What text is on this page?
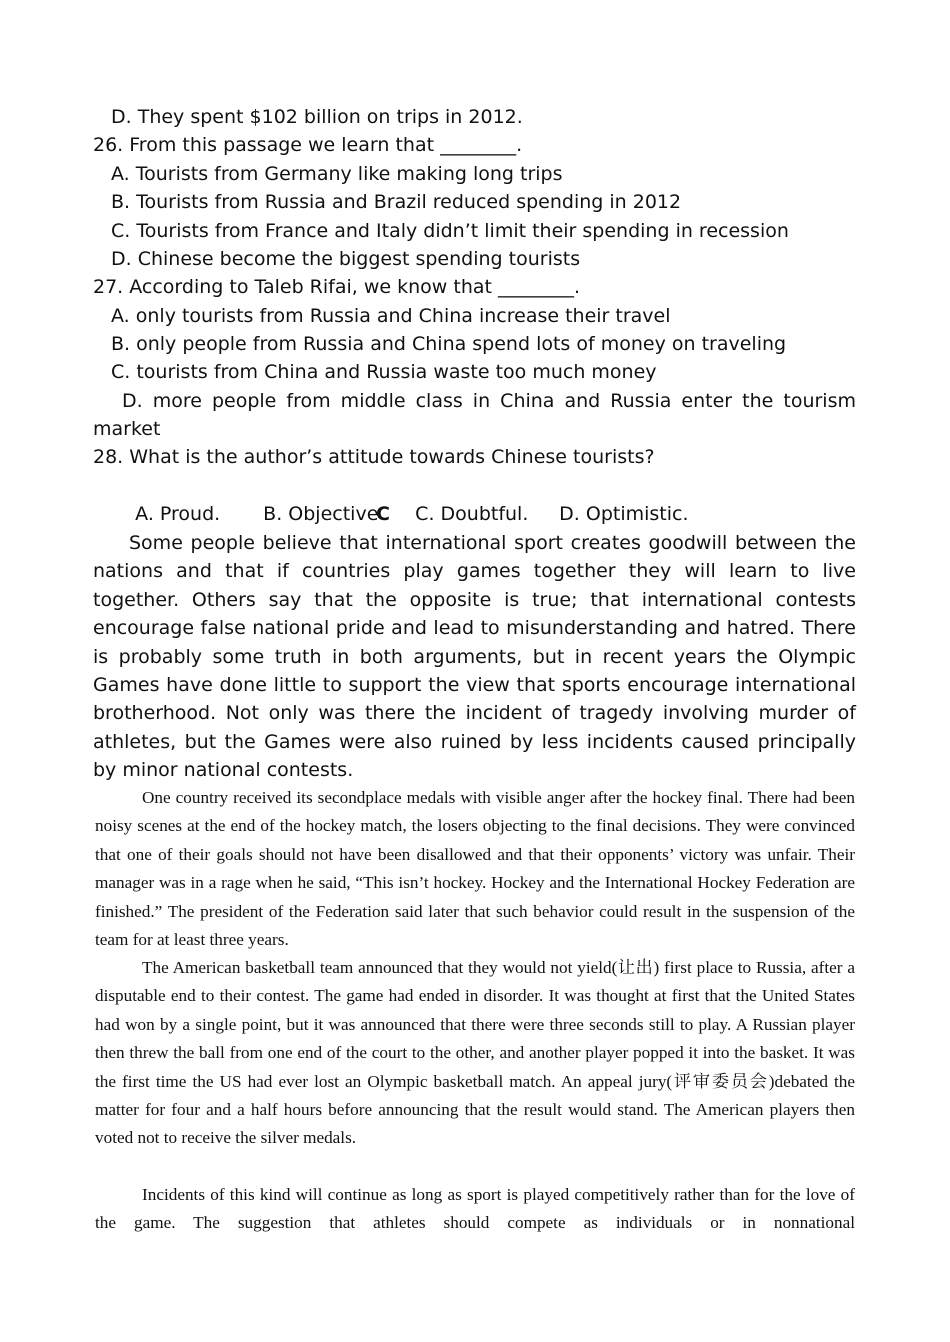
D. They spent $102 billion on trips in 2012.
26. From this passage we learn that ________.
A. Tourists from Germany like making long trips
B. Tourists from Russia and Brazil reduced spending in 2012
C. Tourists from France and Italy didn’t limit their spending in recession
D. Chinese become the biggest spending tourists
27. According to Taleb Rifai, we know that ________.
A. only tourists from Russia and China increase their travel
B. only people from Russia and China spend lots of money on traveling
C. tourists from China and Russia waste too much money
D. more people from middle class in China and Russia enter the tourism market
28. What is the author’s attitude towards Chinese tourists?

A. Proud. B. Objective C. Doubtful. D. Optimistic.

C
Some people believe that international sport creates goodwill between the nations and that if countries play games together they will learn to live together. Others say that the opposite is true; that international contests encourage false national pride and lead to misunderstanding and hatred. There is probably some truth in both arguments, but in recent years the Olympic Games have done little to support the view that sports encourage international brotherhood. Not only was there the incident of tragedy involving murder of athletes, but the Games were also ruined by less incidents caused principally by minor national contests.
One country received its secondplace medals with visible anger after the hockey final. There had been noisy scenes at the end of the hockey match, the losers objecting to the final decisions. They were convinced that one of their goals should not have been disallowed and that their opponents’ victory was unfair. Their manager was in a rage when he said, “This isn’t hockey. Hockey and the International Hockey Federation are finished.” The president of the Federation said later that such behavior could result in the suspension of the team for at least three years.
The American basketball team announced that they would not yield(让出) first place to Russia, after a disputable end to their contest. The game had ended in disorder. It was thought at first that the United States had won by a single point, but it was announced that there were three seconds still to play. A Russian player then threw the ball from one end of the court to the other, and another player popped it into the basket. It was the first time the US had ever lost an Olympic basketball match. An appeal jury(评审委员会)debated the matter for four and a half hours before announcing that the result would stand. The American players then voted not to receive the silver medals.
Incidents of this kind will continue as long as sport is played competitively rather than for the love of the game. The suggestion that athletes should compete as individuals or in nonnational
